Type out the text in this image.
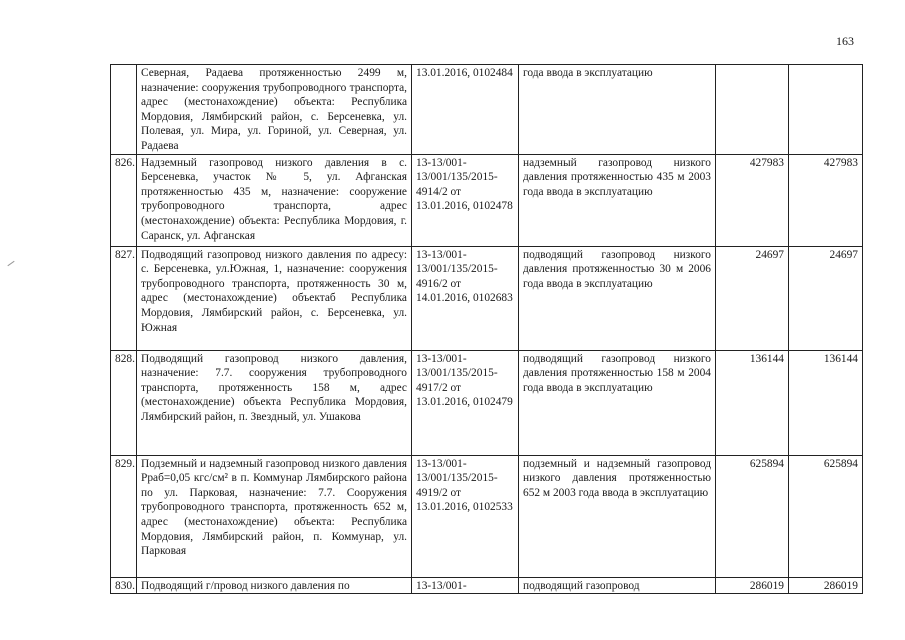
163
	Северная, Радаева протяженностью 2499 м, назначение: сооружения трубопроводного транспорта, адрес (местонахождение) объекта: Республика Мордовия, Лямбирский район, с. Берсеневка, ул. Полевая, ул. Мира, ул. Гориной, ул. Северная, ул. Радаева	13.01.2016, 0102484	года ввода в эксплуатацию		
826.	Надземный газопровод низкого давления в с. Берсеневка, участок № 5, ул. Афганская протяженностью 435 м, назначение: сооружение трубопроводного транспорта, адрес (местонахождение) объекта: Республика Мордовия, г. Саранск, ул. Афганская	13-13/001-13/001/135/2015-4914/2 от 13.01.2016, 0102478	надземный газопровод низкого давления протяженностью 435 м 2003 года ввода в эксплуатацию	427983	427983
827.	Подводящий газопровод низкого давления по адресу: с. Берсеневка, ул.Южная, 1, назначение: сооружения трубопроводного транспорта, протяженность 30 м, адрес (местонахождение) объектаб Республика Мордовия, Лямбирский район, с. Берсеневка, ул. Южная	13-13/001-13/001/135/2015-4916/2 от 14.01.2016, 0102683	подводящий газопровод низкого давления протяженностью 30 м 2006 года ввода в эксплуатацию	24697	24697
828.	Подводящий газопровод низкого давления, назначение: 7.7. сооружения трубопроводного транспорта, протяженность 158 м, адрес (местонахождение) объекта Республика Мордовия, Лямбирский район, п. Звездный, ул. Ушакова	13-13/001-13/001/135/2015-4917/2 от 13.01.2016, 0102479	подводящий газопровод низкого давления протяженностью 158 м 2004 года ввода в эксплуатацию	136144	136144
829.	Подземный и надземный газопровод низкого давления Рраб=0,05 кгс/см² в п. Коммунар Лямбирского района по ул. Парковая, назначение: 7.7. Сооружения трубопроводного транспорта, протяженность 652 м, адрес (местонахождение) объекта: Республика Мордовия, Лямбирский район, п. Коммунар, ул. Парковая	13-13/001-13/001/135/2015-4919/2 от 13.01.2016, 0102533	подземный и надземный газопровод низкого давления протяженностью 652 м 2003 года ввода в эксплуатацию	625894	625894
830.	Подводящий г/провод низкого давления по	13-13/001-	подводящий газопровод	286019	286019
